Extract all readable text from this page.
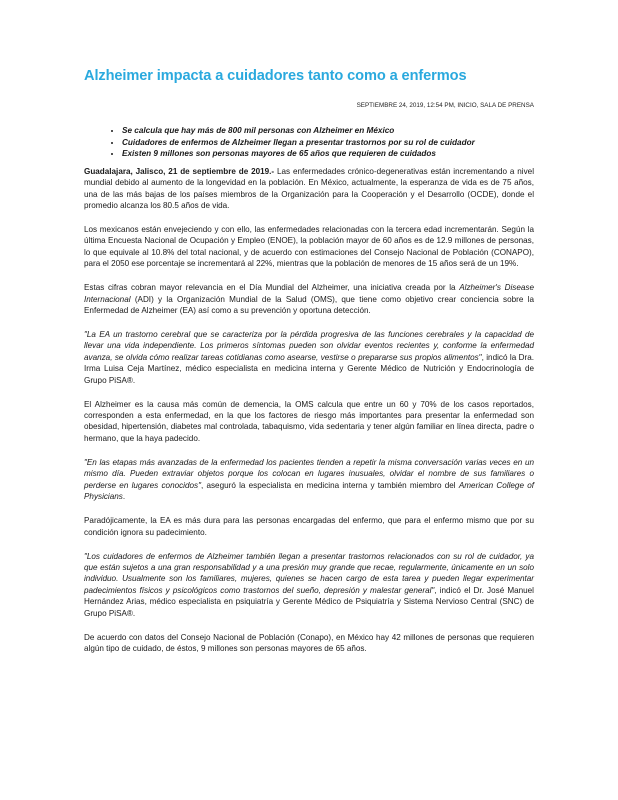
Alzheimer impacta a cuidadores tanto como a enfermos
SEPTIEMBRE 24, 2019, 12:54 PM, INICIO, SALA DE PRENSA
• Se calcula que hay más de 800 mil personas con Alzheimer en México
• Cuidadores de enfermos de Alzheimer llegan a presentar trastornos por su rol de cuidador
• Existen 9 millones son personas mayores de 65 años que requieren de cuidados

Guadalajara, Jalisco, 21 de septiembre de 2019.- Las enfermedades crónico-degenerativas están incrementando a nivel mundial debido al aumento de la longevidad en la población. En México, actualmente, la esperanza de vida es de 75 años, una de las más bajas de los países miembros de la Organización para la Cooperación y el Desarrollo (OCDE), donde el promedio alcanza los 80.5 años de vida.

Los mexicanos están envejeciendo y con ello, las enfermedades relacionadas con la tercera edad incrementarán. Según la última Encuesta Nacional de Ocupación y Empleo (ENOE), la población mayor de 60 años es de 12.9 millones de personas, lo que equivale al 10.8% del total nacional, y de acuerdo con estimaciones del Consejo Nacional de Población (CONAPO), para el 2050 ese porcentaje se incrementará al 22%, mientras que la población de menores de 15 años será de un 19%.

Estas cifras cobran mayor relevancia en el Día Mundial del Alzheimer, una iniciativa creada por la Alzheimer's Disease Internacional (ADI) y la Organización Mundial de la Salud (OMS), que tiene como objetivo crear conciencia sobre la Enfermedad de Alzheimer (EA) así como a su prevención y oportuna detección.

"La EA un trastorno cerebral que se caracteriza por la pérdida progresiva de las funciones cerebrales y la capacidad de llevar una vida independiente. Los primeros síntomas pueden son olvidar eventos recientes y, conforme la enfermedad avanza, se olvida cómo realizar tareas cotidianas como asearse, vestirse o prepararse sus propios alimentos", indicó la Dra. Irma Luisa Ceja Martínez, médico especialista en medicina interna y Gerente Médico de Nutrición y Endocrinología de Grupo PiSA®.

El Alzheimer es la causa más común de demencia, la OMS calcula que entre un 60 y 70% de los casos reportados, corresponden a esta enfermedad, en la que los factores de riesgo más importantes para presentar la enfermedad son obesidad, hipertensión, diabetes mal controlada, tabaquismo, vida sedentaria y tener algún familiar en línea directa, padre o hermano, que la haya padecido.

"En las etapas más avanzadas de la enfermedad los pacientes tienden a repetir la misma conversación varias veces en un mismo día. Pueden extraviar objetos porque los colocan en lugares inusuales, olvidar el nombre de sus familiares o perderse en lugares conocidos", aseguró la especialista en medicina interna y también miembro del American College of Physicians.

Paradójicamente, la EA es más dura para las personas encargadas del enfermo, que para el enfermo mismo que por su condición ignora su padecimiento.

"Los cuidadores de enfermos de Alzheimer también llegan a presentar trastornos relacionados con su rol de cuidador, ya que están sujetos a una gran responsabilidad y a una presión muy grande que recae, regularmente, únicamente en un solo individuo. Usualmente son los familiares, mujeres, quienes se hacen cargo de esta tarea y pueden llegar experimentar padecimientos físicos y psicológicos como trastornos del sueño, depresión y malestar general", indicó el Dr. José Manuel Hernández Arias, médico especialista en psiquiatría y Gerente Médico de Psiquiatría y Sistema Nervioso Central (SNC) de Grupo PiSA®.

De acuerdo con datos del Consejo Nacional de Población (Conapo), en México hay 42 millones de personas que requieren algún tipo de cuidado, de éstos, 9 millones son personas mayores de 65 años.
